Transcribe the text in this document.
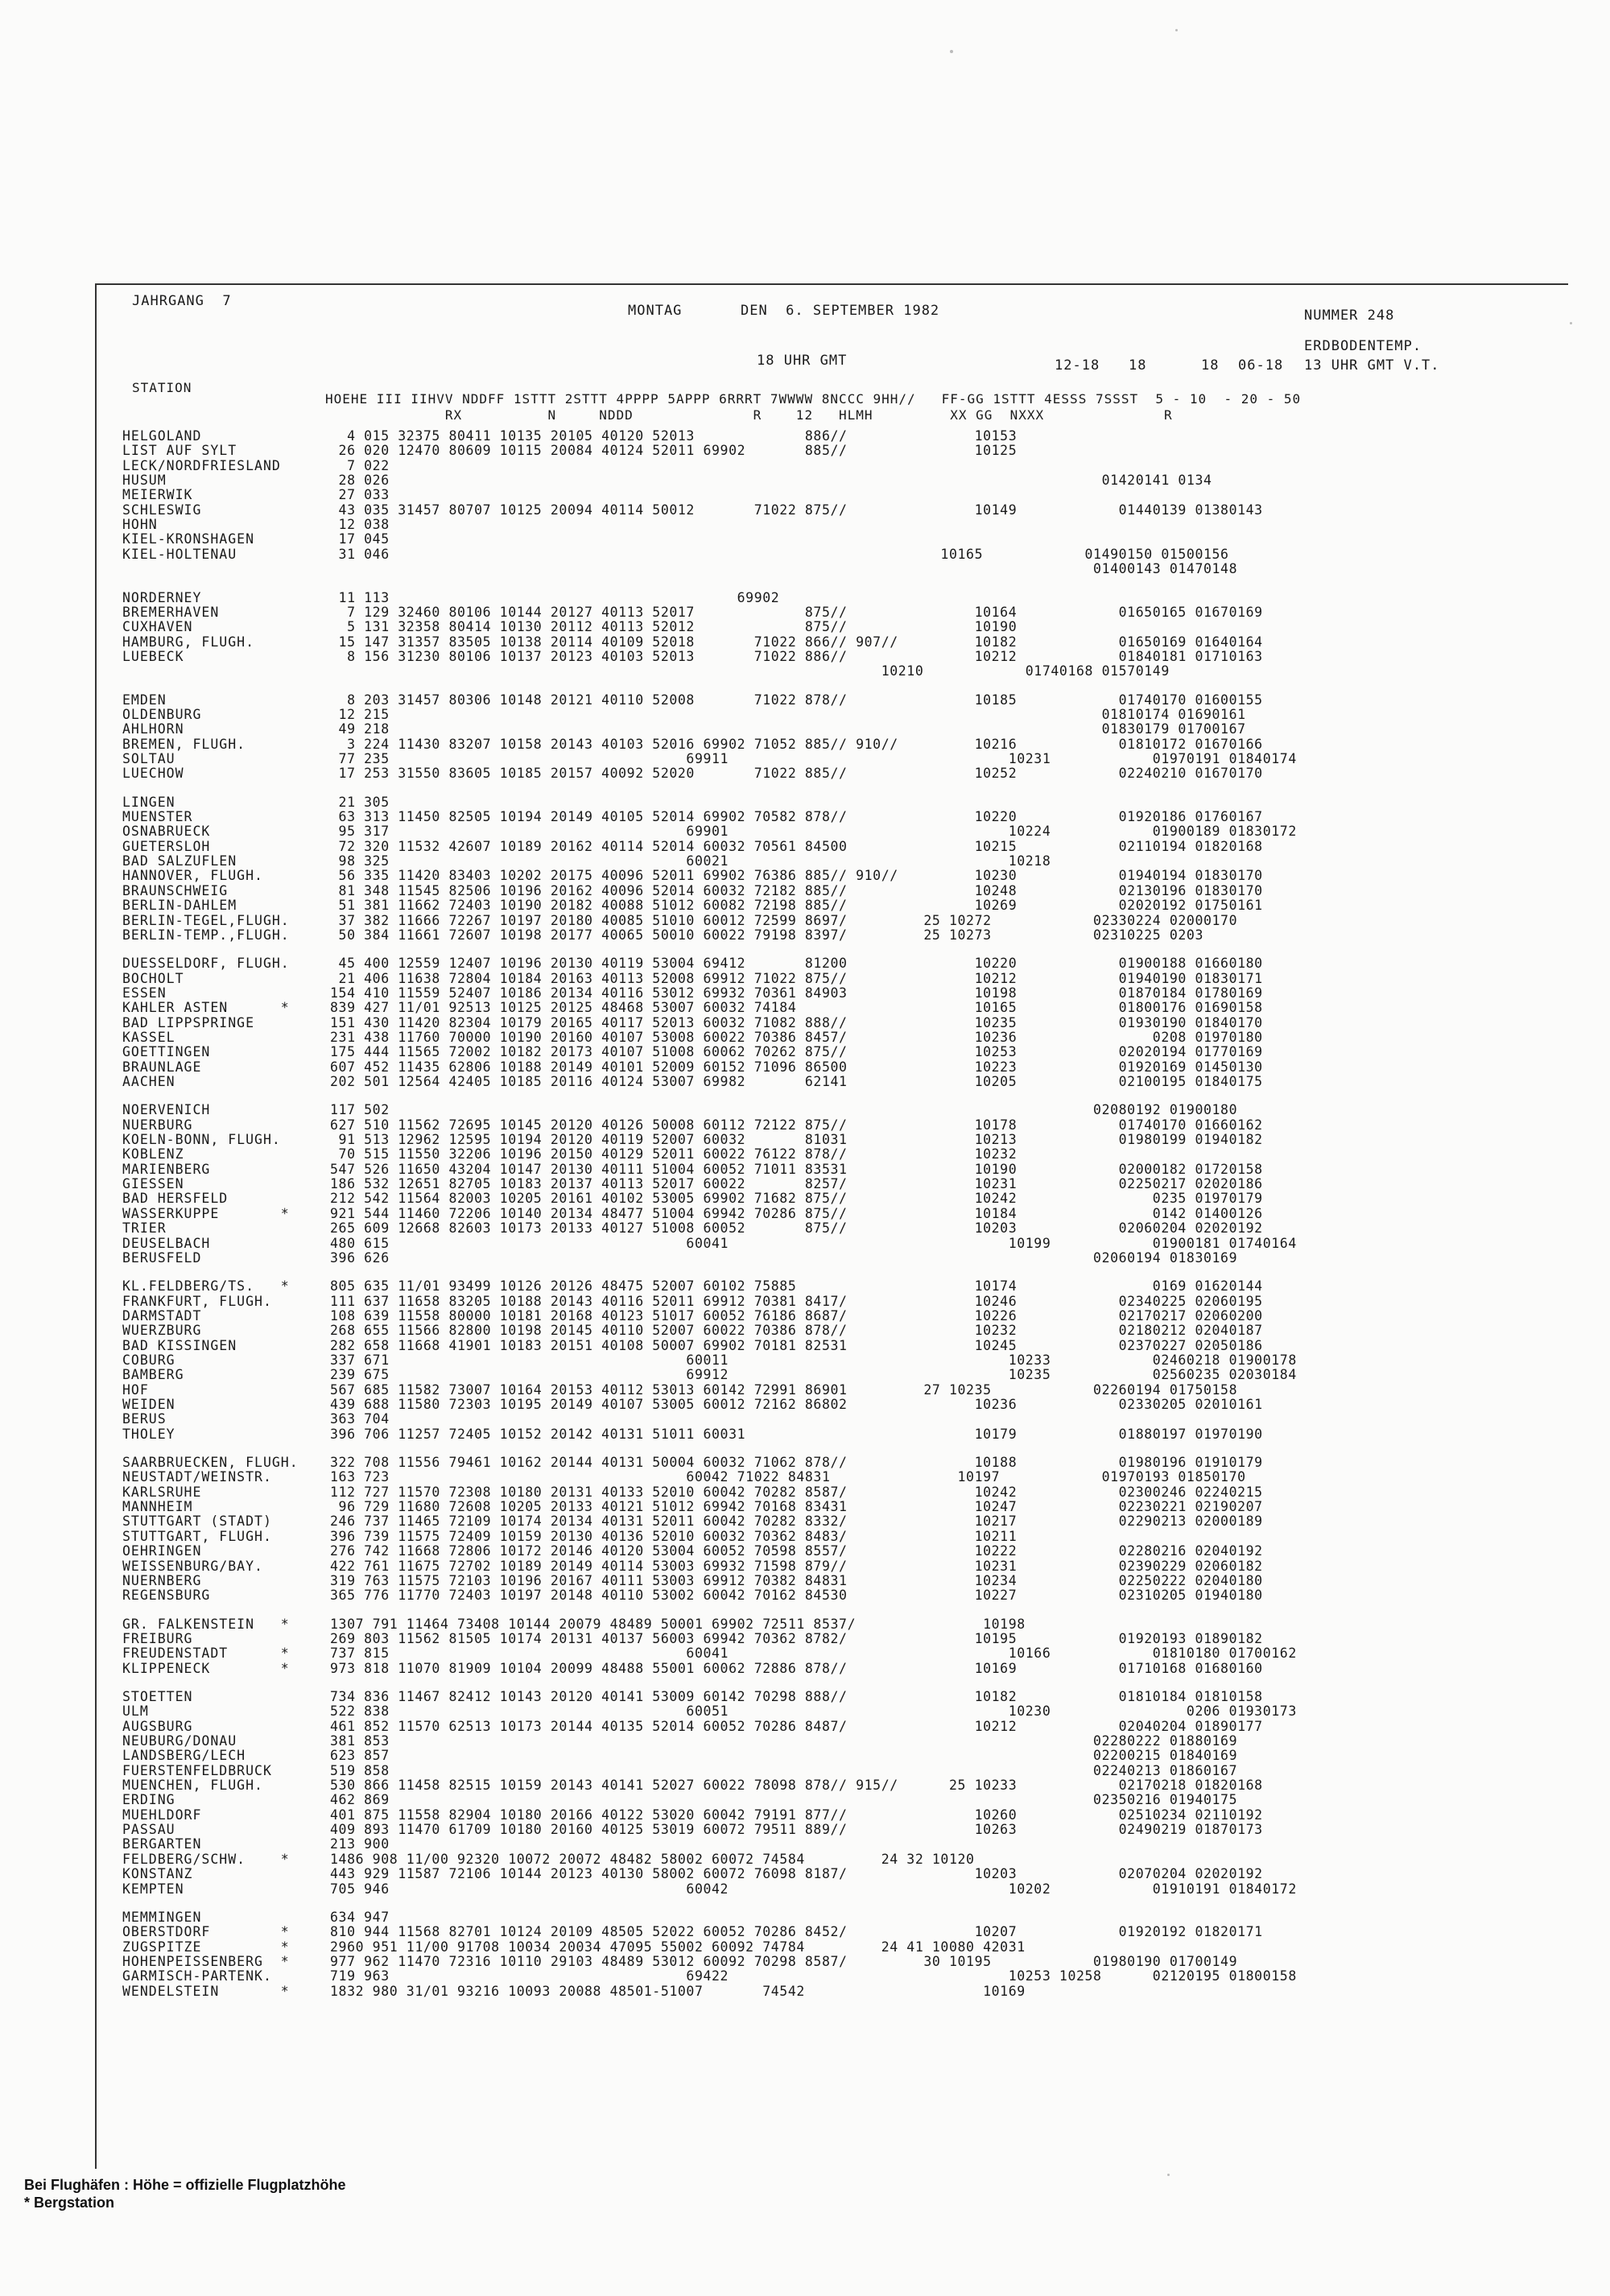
JAHRGANG  7
MONTAG	DEN  6. SEPTEMBER 1982	NUMMER 248
ERDBODENTEMP.
18 UHR GMT	12-18 18	18 06-18 13 UHR GMT V.T.
STATION
HOEHE III IIHVV NDDFF 1STTT 2STTT 4PPPP 5APPP 6RRRT 7WWWW 8NCCC 9HH//   FF-GG 1STTT 4ESSS 7SSST  5 - 10  - 20 - 50
RX          N     NDDD              R    12   HLMH         XX GG  NXXX              R
HELGOLAND	4 015 32375 80411 10135 20105 40120 52013             886//               10153
LIST AUF SYLT	26 020 12470 80609 10115 20084 40124 52011 69902       885//               10125
LECK/NORDFRIESLAND	7 022
HUSUM	28 026                                                                                    01420141 0134
MEIERWIK	27 033
SCHLESWIG	43 035 31457 80707 10125 20094 40114 50012       71022 875//               10149            01440139 01380143
HOHN	12 038
KIEL-KRONSHAGEN	17 045
KIEL-HOLTENAU	31 046                                                                 10165            01490150 01500156
01400143 01470148
NORDERNEY	11 113                                         69902
BREMERHAVEN	7 129 32460 80106 10144 20127 40113 52017             875//               10164            01650165 01670169
CUXHAVEN	5 131 32358 80414 10130 20112 40113 52012             875//               10190
HAMBURG, FLUGH.	15 147 31357 83505 10138 20114 40109 52018       71022 866// 907//         10182            01650169 01640164
LUEBECK	8 156 31230 80106 10137 20123 40103 52013       71022 886//               10212            01840181 01710163
10210            01740168 01570149
EMDEN	8 203 31457 80306 10148 20121 40110 52008       71022 878//               10185            01740170 01600155
OLDENBURG	12 215                                                                                    01810174 01690161
AHLHORN	49 218                                                                                    01830179 01700167
BREMEN, FLUGH.	3 224 11430 83207 10158 20143 40103 52016 69902 71052 885// 910//         10216            01810172 01670166
SOLTAU	77 235                                   69911                                 10231            01970191 01840174
LUECHOW	17 253 31550 83605 10185 20157 40092 52020       71022 885//               10252            02240210 01670170
LINGEN	21 305
MUENSTER	63 313 11450 82505 10194 20149 40105 52014 69902 70582 878//               10220            01920186 01760167
OSNABRUECK	95 317                                   69901                                 10224            01900189 01830172
GUETERSLOH	72 320 11532 42607 10189 20162 40114 52014 60032 70561 84500               10215            02110194 01820168
BAD SALZUFLEN	98 325                                   60021                                 10218
HANNOVER, FLUGH.	56 335 11420 83403 10202 20175 40096 52011 69902 76386 885// 910//         10230            01940194 01830170
BRAUNSCHWEIG	81 348 11545 82506 10196 20162 40096 52014 60032 72182 885//               10248            02130196 01830170
BERLIN-DAHLEM	51 381 11662 72403 10190 20182 40088 51012 60082 72198 885//               10269            02020192 01750161
BERLIN-TEGEL,FLUGH.	37 382 11666 72267 10197 20180 40085 51010 60012 72599 8697/         25 10272            02330224 02000170
BERLIN-TEMP.,FLUGH.	50 384 11661 72607 10198 20177 40065 50010 60022 79198 8397/         25 10273            02310225 0203
DUESSELDORF, FLUGH.	45 400 12559 12407 10196 20130 40119 53004 69412       81200               10220            01900188 01660180
BOCHOLT	21 406 11638 72804 10184 20163 40113 52008 69912 71022 875//               10212            01940190 01830171
ESSEN	154 410 11559 52407 10186 20134 40116 53012 69932 70361 84903               10198            01870184 01780169
KAHLER ASTEN      *	839 427 11/01 92513 10125 20125 48468 53007 60032 74184                     10165            01800176 01690158
BAD LIPPSPRINGE	151 430 11420 82304 10179 20165 40117 52013 60032 71082 888//               10235            01930190 01840170
KASSEL	231 438 11760 70000 10190 20160 40107 53008 60022 70386 8457/               10236                0208 01970180
GOETTINGEN	175 444 11565 72002 10182 20173 40107 51008 60062 70262 875//               10253            02020194 01770169
BRAUNLAGE	607 452 11435 62806 10188 20149 40101 52009 60152 71096 86500               10223            01920169 01450130
AACHEN	202 501 12564 42405 10185 20116 40124 53007 69982       62141               10205            02100195 01840175
NOERVENICH	117 502                                                                                   02080192 01900180
NUERBURG	627 510 11562 72695 10145 20120 40126 50008 60112 72122 875//               10178            01740170 01660162
KOELN-BONN, FLUGH.	91 513 12962 12595 10194 20120 40119 52007 60032       81031               10213            01980199 01940182
KOBLENZ	70 515 11550 32206 10196 20150 40129 52011 60022 76122 878//               10232
MARIENBERG	547 526 11650 43204 10147 20130 40111 51004 60052 71011 83531               10190            02000182 01720158
GIESSEN	186 532 12651 82705 10183 20137 40113 52017 60022       8257/               10231            02250217 02020186
BAD HERSFELD	212 542 11564 82003 10205 20161 40102 53005 69902 71682 875//               10242                0235 01970179
WASSERKUPPE       *	921 544 11460 72206 10140 20134 48477 51004 69942 70286 875//               10184                0142 01400126
TRIER	265 609 12668 82603 10173 20133 40127 51008 60052       875//               10203            02060204 02020192
DEUSELBACH	480 615                                   60041                                 10199            01900181 01740164
BERUSFELD	396 626                                                                                   02060194 01830169
KL.FELDBERG/TS.   *	805 635 11/01 93499 10126 20126 48475 52007 60102 75885                     10174                0169 01620144
FRANKFURT, FLUGH.	111 637 11658 83205 10188 20143 40116 52011 69912 70381 8417/               10246            02340225 02060195
DARMSTADT	108 639 11558 80000 10181 20168 40123 51017 60052 76186 8687/               10226            02170217 02060200
WUERZBURG	268 655 11566 82800 10198 20145 40110 52007 60022 70386 878//               10232            02180212 02040187
BAD KISSINGEN	282 658 11668 41901 10183 20151 40108 50007 69902 70181 82531               10245            02370227 02050186
COBURG	337 671                                   60011                                 10233            02460218 01900178
BAMBERG	239 675                                   69912                                 10235            02560235 02030184
HOF	567 685 11582 73007 10164 20153 40112 53013 60142 72991 86901         27 10235            02260194 01750158
WEIDEN	439 688 11580 72303 10195 20149 40107 53005 60012 72162 86802               10236            02330205 02010161
BERUS	363 704
THOLEY	396 706 11257 72405 10152 20142 40131 51011 60031                           10179            01880197 01970190
SAARBRUECKEN, FLUGH. 322 708 11556 79461 10162 20144 40131 50004 60032 71062 878//               10188            01980196 01910179
NEUSTADT/WEINSTR.	163 723                                   60042 71022 84831               10197            01970193 01850170
KARLSRUHE	112 727 11570 72308 10180 20131 40133 52010 60042 70282 8587/               10242            02300246 02240215
MANNHEIM	96 729 11680 72608 10205 20133 40121 51012 69942 70168 83431               10247            02230221 02190207
STUTTGART (STADT)	246 737 11465 72109 10174 20134 40131 52011 60042 70282 8332/               10217            02290213 02000189
STUTTGART, FLUGH.	396 739 11575 72409 10159 20130 40136 52010 60032 70362 8483/               10211
OEHRINGEN	276 742 11668 72806 10172 20146 40120 53004 60052 70598 8557/               10222            02280216 02040192
WEISSENBURG/BAY.	422 761 11675 72702 10189 20149 40114 53003 69932 71598 879//               10231            02390229 02060182
NUERNBERG	319 763 11575 72103 10196 20167 40111 53003 69912 70382 84831               10234            02250222 02040180
REGENSBURG	365 776 11770 72403 10197 20148 40110 53002 60042 70162 84530               10227            02310205 01940180
GR. FALKENSTEIN   *	1307 791 11464 73408 10144 20079 48489 50001 69902 72511 8537/               10198
FREIBURG	269 803 11562 81505 10174 20131 40137 56003 69942 70362 8782/               10195            01920193 01890182
FREUDENSTADT      *	737 815                                   60041                                 10166            01810180 01700162
KLIPPENECK        *	973 818 11070 81909 10104 20099 48488 55001 60062 72886 878//               10169            01710168 01680160
STOETTEN	734 836 11467 82412 10143 20120 40141 53009 60142 70298 888//               10182            01810184 01810158
ULM	522 838                                   60051                                 10230                0206 01930173
AUGSBURG	461 852 11570 62513 10173 20144 40135 52014 60052 70286 8487/               10212            02040204 01890177
NEUBURG/DONAU	381 853                                                                                   02280222 01880169
LANDSBERG/LECH	623 857                                                                                   02200215 01840169
FUERSTENFELDBRUCK	519 858                                                                                   02240213 01860167
MUENCHEN, FLUGH.	530 866 11458 82515 10159 20143 40141 52027 60022 78098 878// 915//      25 10233            02170218 01820168
ERDING	462 869                                                                                   02350216 01940175
MUEHLDORF	401 875 11558 82904 10180 20166 40122 53020 60042 79191 877//               10260            02510234 02110192
PASSAU	409 893 11470 61709 10180 20160 40125 53019 60072 79511 889//               10263            02490219 01870173
BERGARTEN	213 900
FELDBERG/SCHW.    *	1486 908 11/00 92320 10072 20072 48482 58002 60072 74584         24 32 10120
KONSTANZ	443 929 11587 72106 10144 20123 40130 58002 60072 76098 8187/               10203            02070204 02020192
KEMPTEN	705 946                                   60042                                 10202            01910191 01840172
MEMMINGEN	634 947
OBERSTDORF        *	810 944 11568 82701 10124 20109 48505 52022 60052 70286 8452/               10207            01920192 01820171
ZUGSPITZE         *	2960 951 11/00 91708 10034 20034 47095 55002 60092 74784         24 41 10080 42031
HOHENPEISSENBERG  *	977 962 11470 72316 10110 29103 48489 53012 60092 70298 8587/         30 10195            01980190 01700149
GARMISCH-PARTENK.	719 963                                   69422                                 10253 10258      02120195 01800158
WENDELSTEIN       *	1832 980 31/01 93216 10093 20088 48501-51007       74542                     10169
Bei Flughäfen : Höhe = offizielle Flugplatzhöhe
* Bergstation
